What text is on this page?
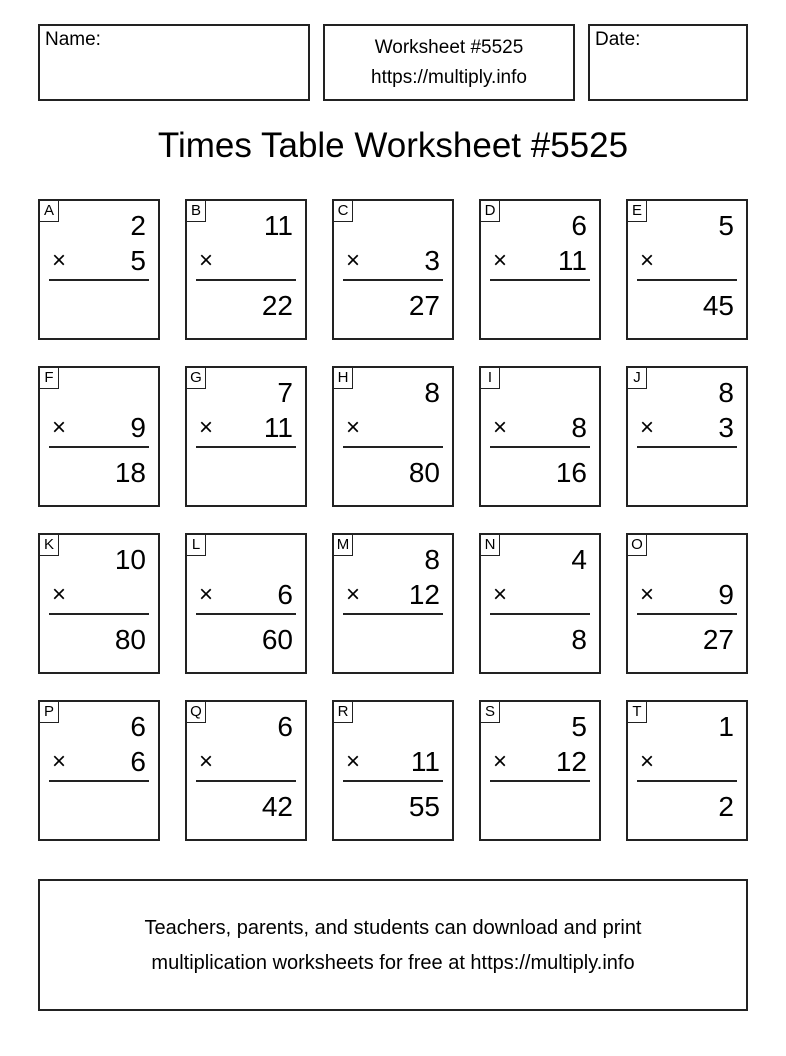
Name:	Worksheet #5525
https://multiply.info
Date:
Times Table Worksheet #5525
A	2
× 5
B 11
×
22
C
× 3
27
D	6
× 11
E	5
×
45
F
× 9
18
G	7
× 11
H	8
×
80
I
× 8
16
J	8
× 3
K 10
×
80
L
× 6
60
M	8
× 12
N	4
×
8
O
× 9
27
P	6
× 6
Q	6
×
42
R
× 11
55
S	5
× 12
T	1
×
2
Teachers, parents, and students can download and print
multiplication worksheets for free at https://multiply.info
